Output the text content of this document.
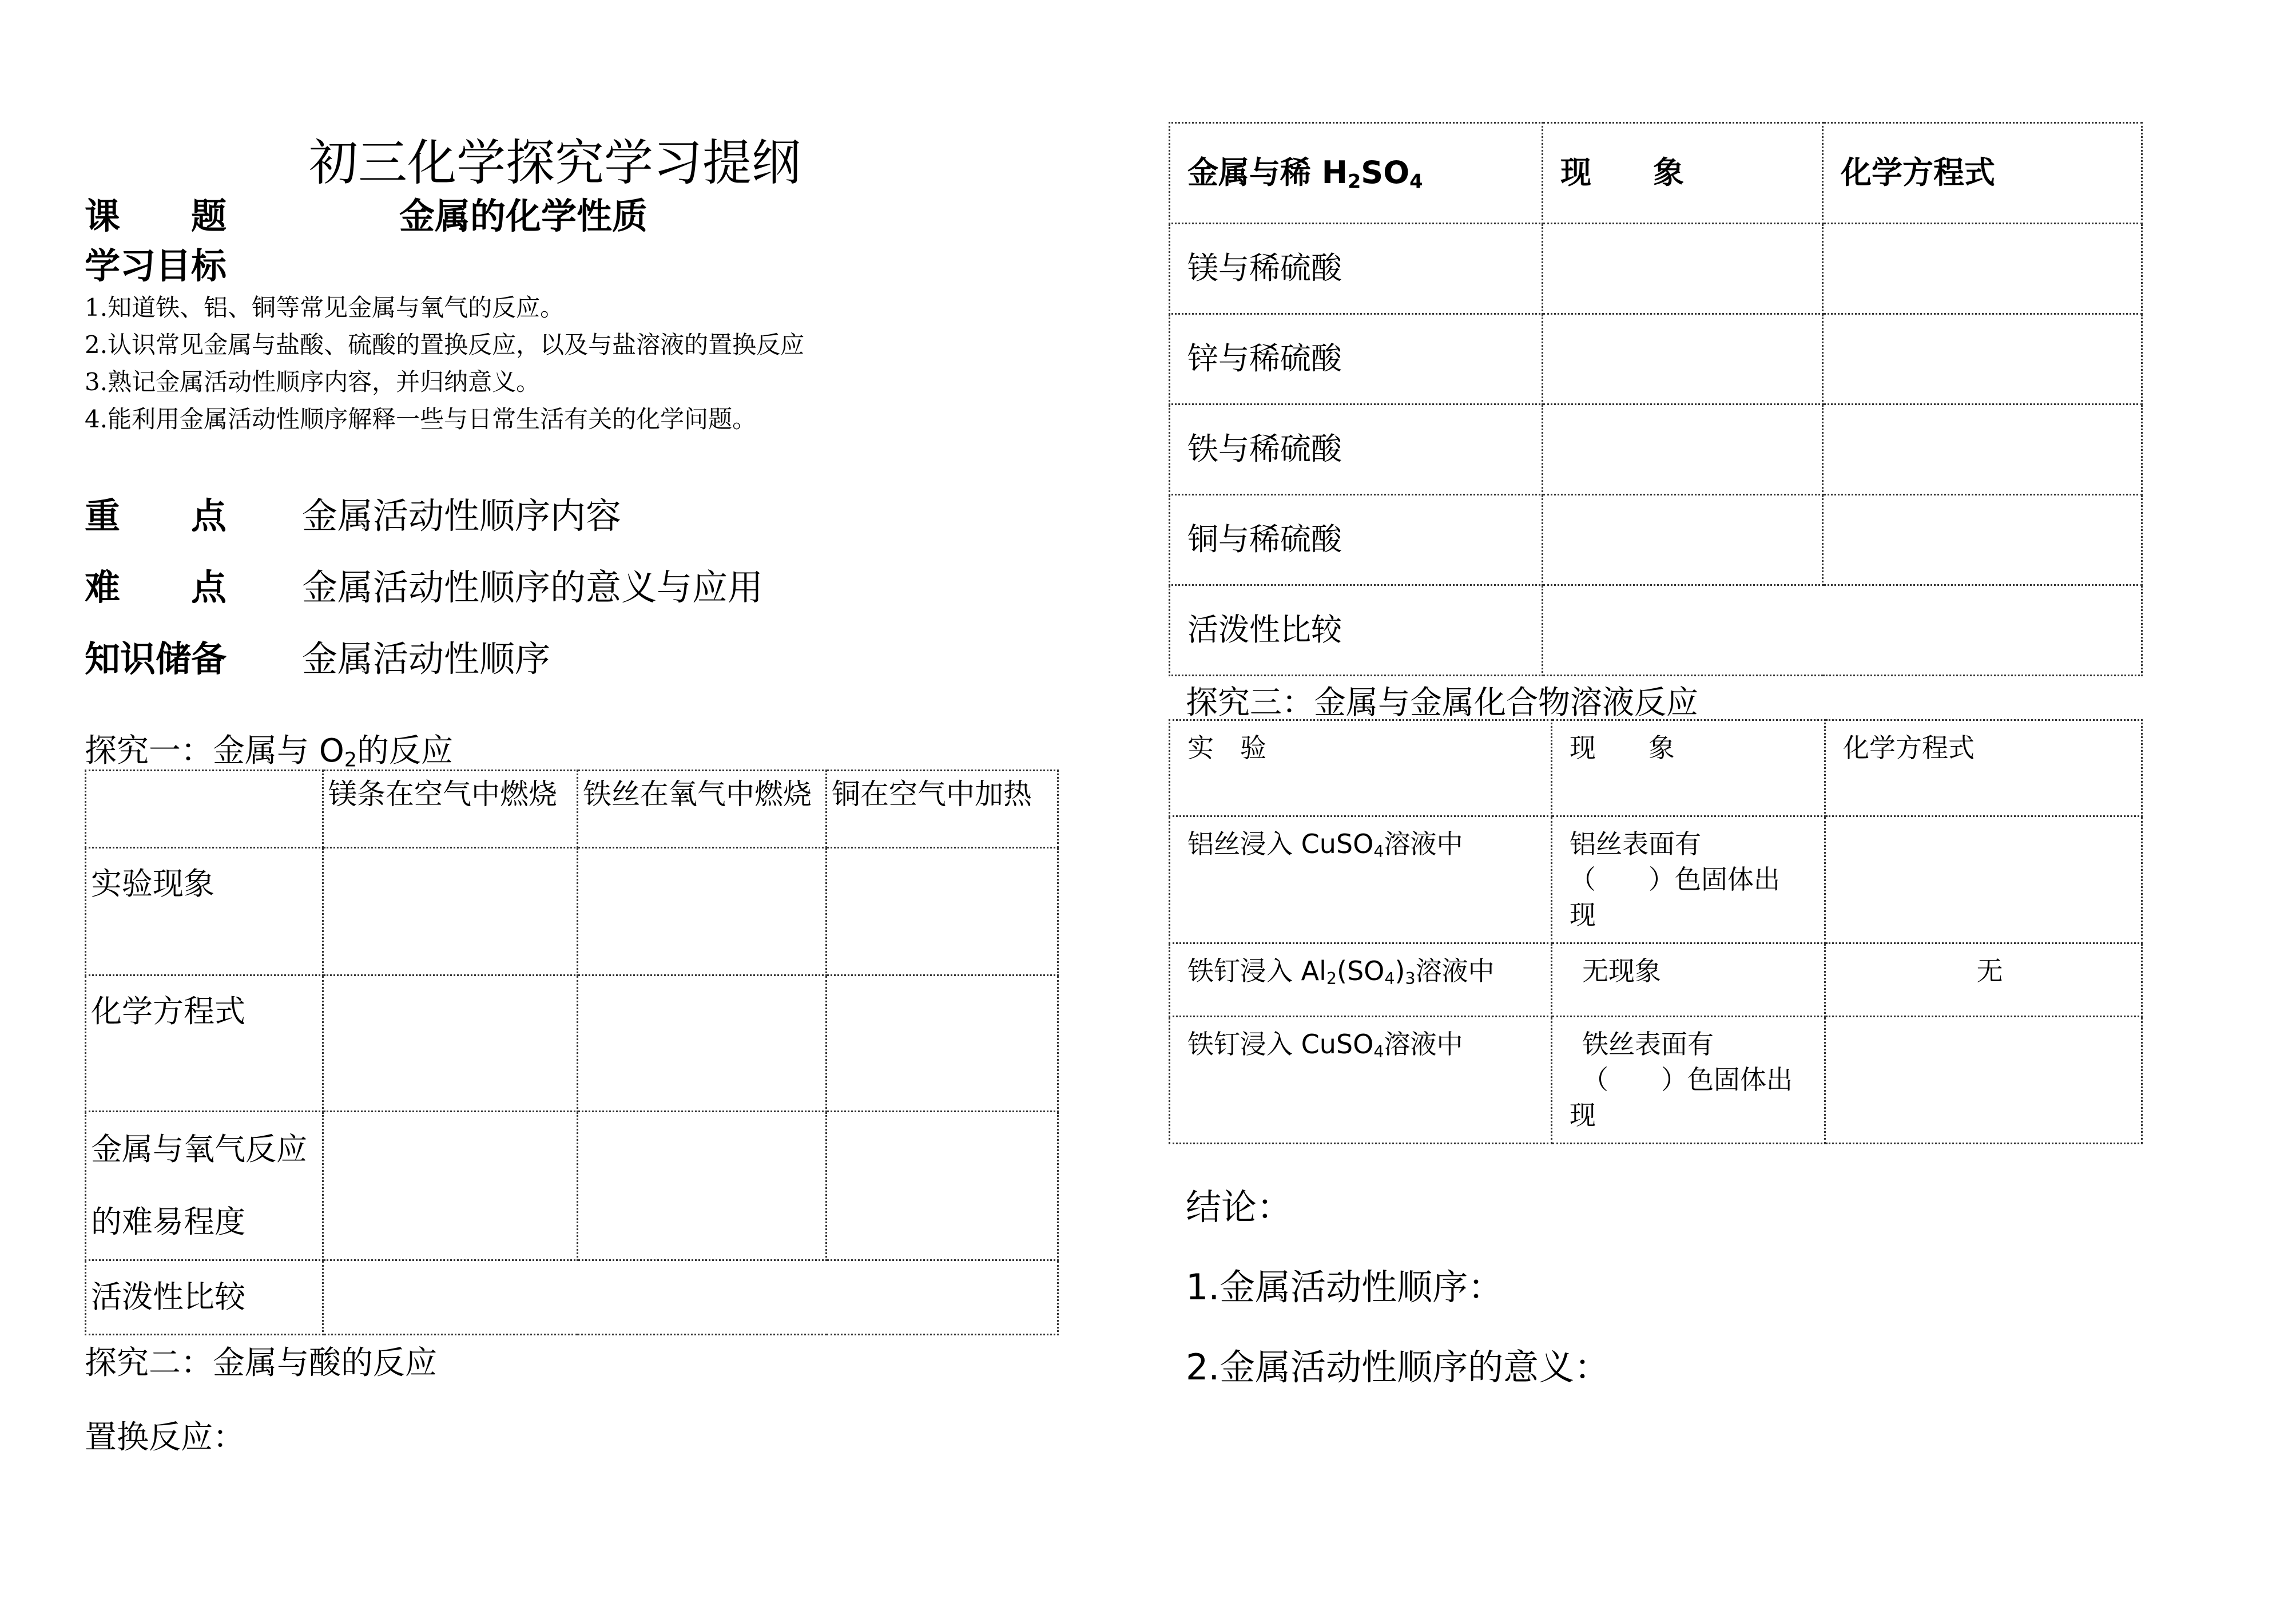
初三化学探究学习提纲
课　　题	金属的化学性质
学习目标
1.知道铁、铝、铜等常见金属与氧气的反应。
2.认识常见金属与盐酸、硫酸的置换反应，以及与盐溶液的置换反应
3.熟记金属活动性顺序内容，并归纳意义。
4.能利用金属活动性顺序解释一些与日常生活有关的化学问题。
重　　点 金属活动性顺序内容
难　　点 金属活动性顺序的意义与应用
知识储备 金属活动性顺序
探究一：金属与 $O_2$的反应
	镁条在空气中燃烧	铁丝在氧气中燃烧	铜在空气中加热
实验现象			
化学方程式			
金属与氧气反应的难易程度			
活泼性比较			
探究二：金属与酸的反应
置换反应：
金属与稀 $H_2SO_4$	现　　象	化学方程式
镁与稀硫酸		
锌与稀硫酸		
铁与稀硫酸		
铜与稀硫酸		
活泼性比较		
探究三：金属与金属化合物溶液反应
实　验	现　　象	化学方程式
铝丝浸入 CuSO$_4$溶液中	铝丝表面有
（　　）色固体出
现	

铁钉浸入 $Al_2(SO_4)_3$溶液中	无现象	无
铁钉浸入 CuSO$_4$溶液中	铁丝表面有
（　　）色固体出
现	

结论：
1.金属活动性顺序：
2.金属活动性顺序的意义：
